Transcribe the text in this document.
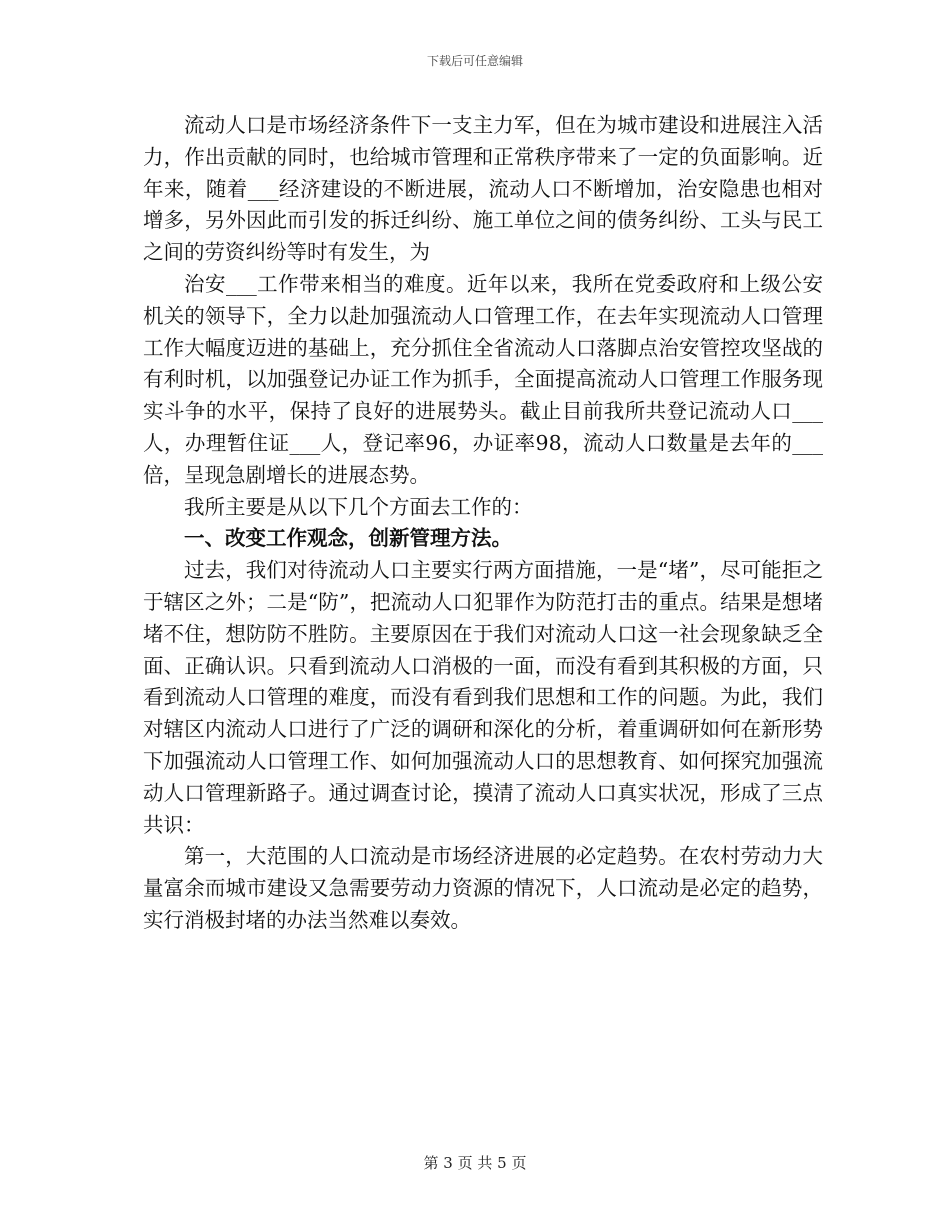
下载后可任意编辑

流动人口是市场经济条件下一支主力军，但在为城市建设和进展注入活力，作出贡献的同时，也给城市管理和正常秩序带来了一定的负面影响。近年来，随着___经济建设的不断进展，流动人口不断增加，治安隐患也相对增多，另外因此而引发的拆迁纠纷、施工单位之间的债务纠纷、工头与民工之间的劳资纠纷等时有发生，为

治安___工作带来相当的难度。近年以来，我所在党委政府和上级公安机关的领导下，全力以赴加强流动人口管理工作，在去年实现流动人口管理工作大幅度迈进的基础上，充分抓住全省流动人口落脚点治安管控攻坚战的有利时机，以加强登记办证工作为抓手，全面提高流动人口管理工作服务现实斗争的水平，保持了良好的进展势头。截止目前我所共登记流动人口___人，办理暂住证___人，登记率96，办证率98，流动人口数量是去年的___倍，呈现急剧增长的进展态势。

我所主要是从以下几个方面去工作的：

一、改变工作观念，创新管理方法。

过去，我们对待流动人口主要实行两方面措施，一是“堵”，尽可能拒之于辖区之外；二是“防”，把流动人口犯罪作为防范打击的重点。结果是想堵堵不住，想防防不胜防。主要原因在于我们对流动人口这一社会现象缺乏全面、正确认识。只看到流动人口消极的一面，而没有看到其积极的方面，只看到流动人口管理的难度，而没有看到我们思想和工作的问题。为此，我们对辖区内流动人口进行了广泛的调研和深化的分析，着重调研如何在新形势下加强流动人口管理工作、如何加强流动人口的思想教育、如何探究加强流动人口管理新路子。通过调查讨论，摸清了流动人口真实状况，形成了三点共识：

第一，大范围的人口流动是市场经济进展的必定趋势。在农村劳动力大量富余而城市建设又急需要劳动力资源的情况下，人口流动是必定的趋势，实行消极封堵的办法当然难以奏效。

第 3 页 共 5 页
